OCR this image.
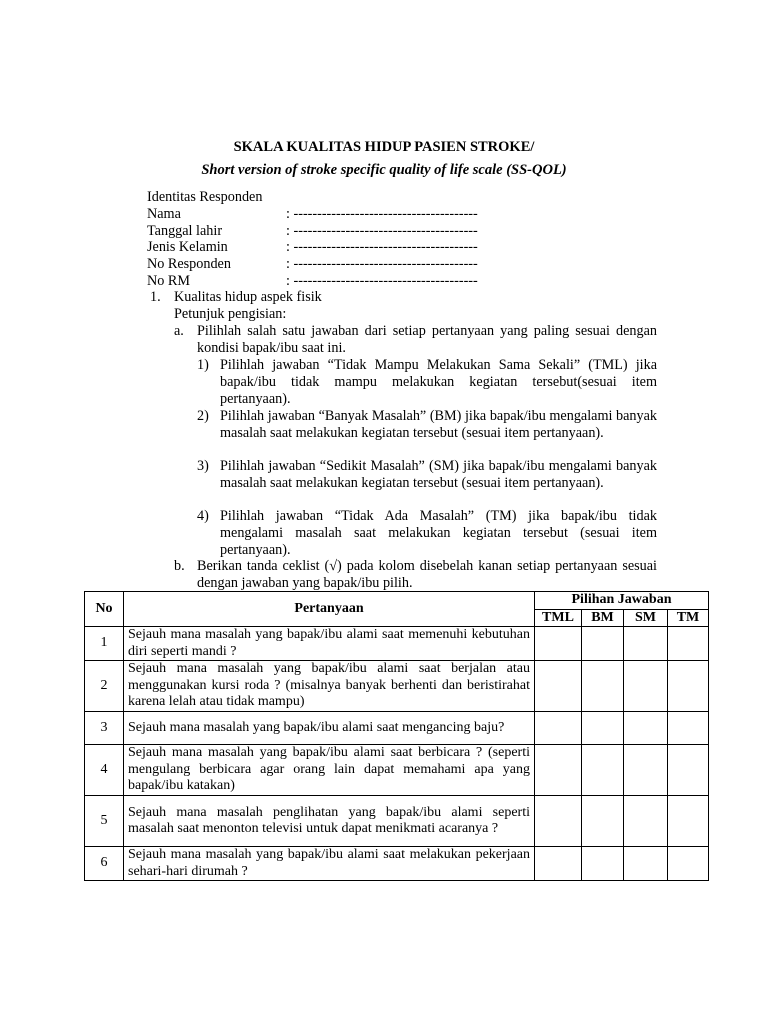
SKALA KUALITAS HIDUP PASIEN STROKE/
Short version of stroke specific quality of life scale (SS-QOL)
Identitas Responden
Nama	: ---------------------------------------
Tanggal lahir	: ---------------------------------------
Jenis Kelamin	: ---------------------------------------
No Responden	: ---------------------------------------
No RM	: ---------------------------------------
1. Kualitas hidup aspek fisik
Petunjuk pengisian:
a. Pilihlah salah satu jawaban dari setiap pertanyaan yang paling sesuai dengan kondisi bapak/ibu saat ini.
1) Pilihlah jawaban “Tidak Mampu Melakukan Sama Sekali” (TML) jika bapak/ibu tidak mampu melakukan kegiatan tersebut(sesuai item pertanyaan).
2) Pilihlah jawaban “Banyak Masalah” (BM) jika bapak/ibu mengalami banyak masalah saat melakukan kegiatan tersebut (sesuai item pertanyaan).
3) Pilihlah jawaban “Sedikit Masalah” (SM) jika bapak/ibu mengalami banyak masalah saat melakukan kegiatan tersebut (sesuai item pertanyaan).
4) Pilihlah jawaban “Tidak Ada Masalah” (TM) jika bapak/ibu tidak mengalami masalah saat melakukan kegiatan tersebut (sesuai item pertanyaan).
b. Berikan tanda ceklist (√) pada kolom disebelah kanan setiap pertanyaan sesuai dengan jawaban yang bapak/ibu pilih.
No	Pertanyaan	Pilihan Jawaban			
		TML	BM	SM	TM
1	Sejauh mana masalah yang bapak/ibu alami saat memenuhi kebutuhan diri seperti mandi ?				
2	Sejauh mana masalah yang bapak/ibu alami saat berjalan atau menggunakan kursi roda ? (misalnya banyak berhenti dan beristirahat karena lelah atau tidak mampu)				
3	Sejauh mana masalah yang bapak/ibu alami saat mengancing baju?				
4	Sejauh mana masalah yang bapak/ibu alami saat berbicara ? (seperti mengulang berbicara agar orang lain dapat memahami apa yang bapak/ibu katakan)				
5	Sejauh mana masalah penglihatan yang bapak/ibu alami seperti masalah saat menonton televisi untuk dapat menikmati acaranya ?				
6	Sejauh mana masalah yang bapak/ibu alami saat melakukan pekerjaan sehari-hari dirumah ?				
